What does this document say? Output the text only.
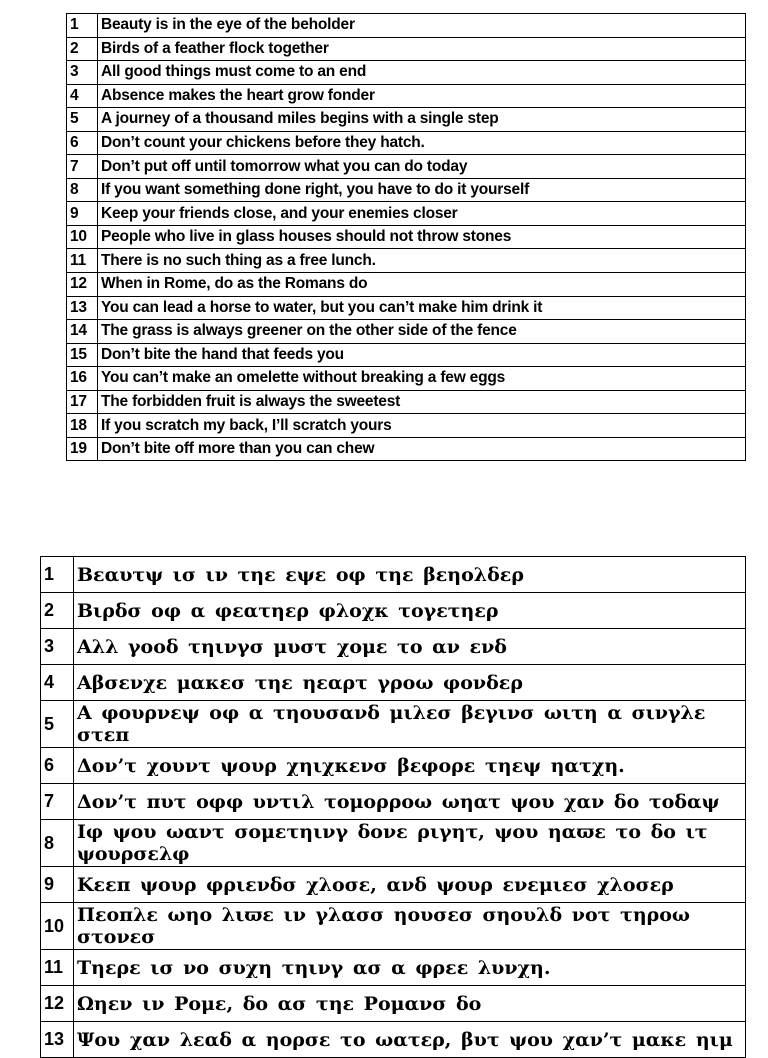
1	Beauty is in the eye of the beholder
2	Birds of a feather flock together
3	All good things must come to an end
4	Absence makes the heart grow fonder
5	A journey of a thousand miles begins with a single step
6	Don’t count your chickens before they hatch.
7	Don’t put off until tomorrow what you can do today
8	If you want something done right, you have to do it yourself
9	Keep your friends close, and your enemies closer
10	People who live in glass houses should not throw stones
11	There is no such thing as a free lunch.
12	When in Rome, do as the Romans do
13	You can lead a horse to water, but you can’t make him drink it
14	The grass is always greener on the other side of the fence
15	Don’t bite the hand that feeds you
16	You can’t make an omelette without breaking a few eggs
17	The forbidden fruit is always the sweetest
18	If you scratch my back, I’ll scratch yours
19	Don’t bite off more than you can chew
1	Βεαυτψ ισ ιν τηε εψε οφ τηε βεηολδερ
2	Βιρδσ οφ α φεατηερ φλοχκ τογετηερ
3	Αλλ γοοδ τηινγσ μυστ χομε το αν ενδ
4	Αβσενχε μακεσ τηε ηεαρτ γροω φονδερ
5	Α φουρνεψ οφ α τηουσανδ μιλεσ βεγινσ ωιτη α σινγλε στεπ
6	Δον’τ χουντ ψουρ χηιχκενσ βεφορε τηεψ ηατχη.
7	Δον’τ πυτ οφφ υντιλ τομορροω ωηατ ψου χαν δο τοδαψ
8	Ιφ ψου ωαντ σομετηινγ δονε ριγητ, ψου ηαϖε το δο ιτ ψουρσελφ
9	Κεεπ ψουρ φριενδσ χλοσε, ανδ ψουρ ενεμιεσ χλοσερ
10	Πεοπλε ωηο λιϖε ιν γλασσ ηουσεσ σηουλδ νοτ τηροω στονεσ
11	Τηερε ισ νο συχη τηινγ ασ α φρεε λυνχη.
12	Ωηεν ιν Ρομε, δο ασ τηε Ρομανσ δο
13	Ψου χαν λεαδ α ηορσε το ωατερ, βυτ ψου χαν’τ μακε ηιμ
